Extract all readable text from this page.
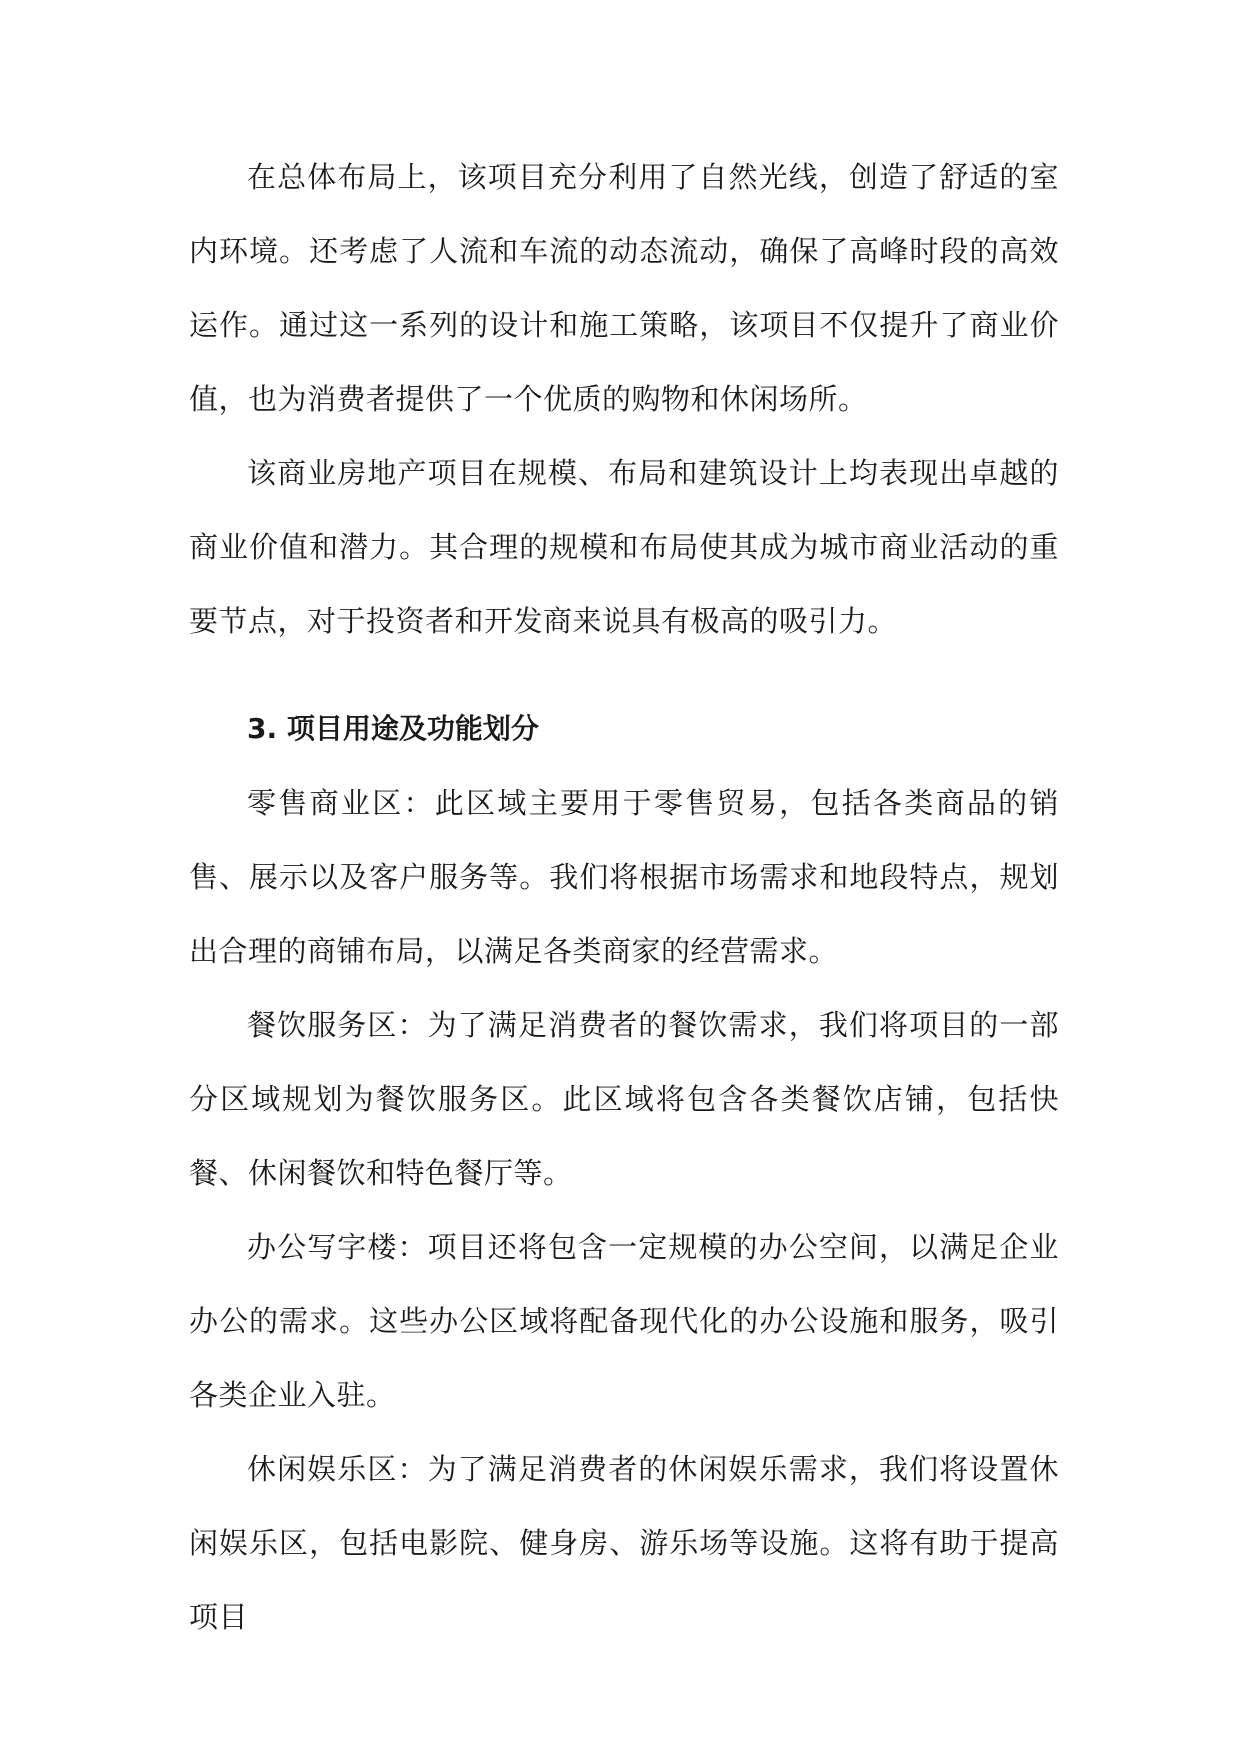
在总体布局上，该项目充分利用了自然光线，创造了舒适的室内环境。还考虑了人流和车流的动态流动，确保了高峰时段的高效运作。通过这一系列的设计和施工策略，该项目不仅提升了商业价值，也为消费者提供了一个优质的购物和休闲场所。

该商业房地产项目在规模、布局和建筑设计上均表现出卓越的商业价值和潜力。其合理的规模和布局使其成为城市商业活动的重要节点，对于投资者和开发商来说具有极高的吸引力。

3. 项目用途及功能划分

零售商业区：此区域主要用于零售贸易，包括各类商品的销售、展示以及客户服务等。我们将根据市场需求和地段特点，规划出合理的商铺布局，以满足各类商家的经营需求。

餐饮服务区：为了满足消费者的餐饮需求，我们将项目的一部分区域规划为餐饮服务区。此区域将包含各类餐饮店铺，包括快餐、休闲餐饮和特色餐厅等。

办公写字楼：项目还将包含一定规模的办公空间，以满足企业办公的需求。这些办公区域将配备现代化的办公设施和服务，吸引各类企业入驻。

休闲娱乐区：为了满足消费者的休闲娱乐需求，我们将设置休闲娱乐区，包括电影院、健身房、游乐场等设施。这将有助于提高项目
